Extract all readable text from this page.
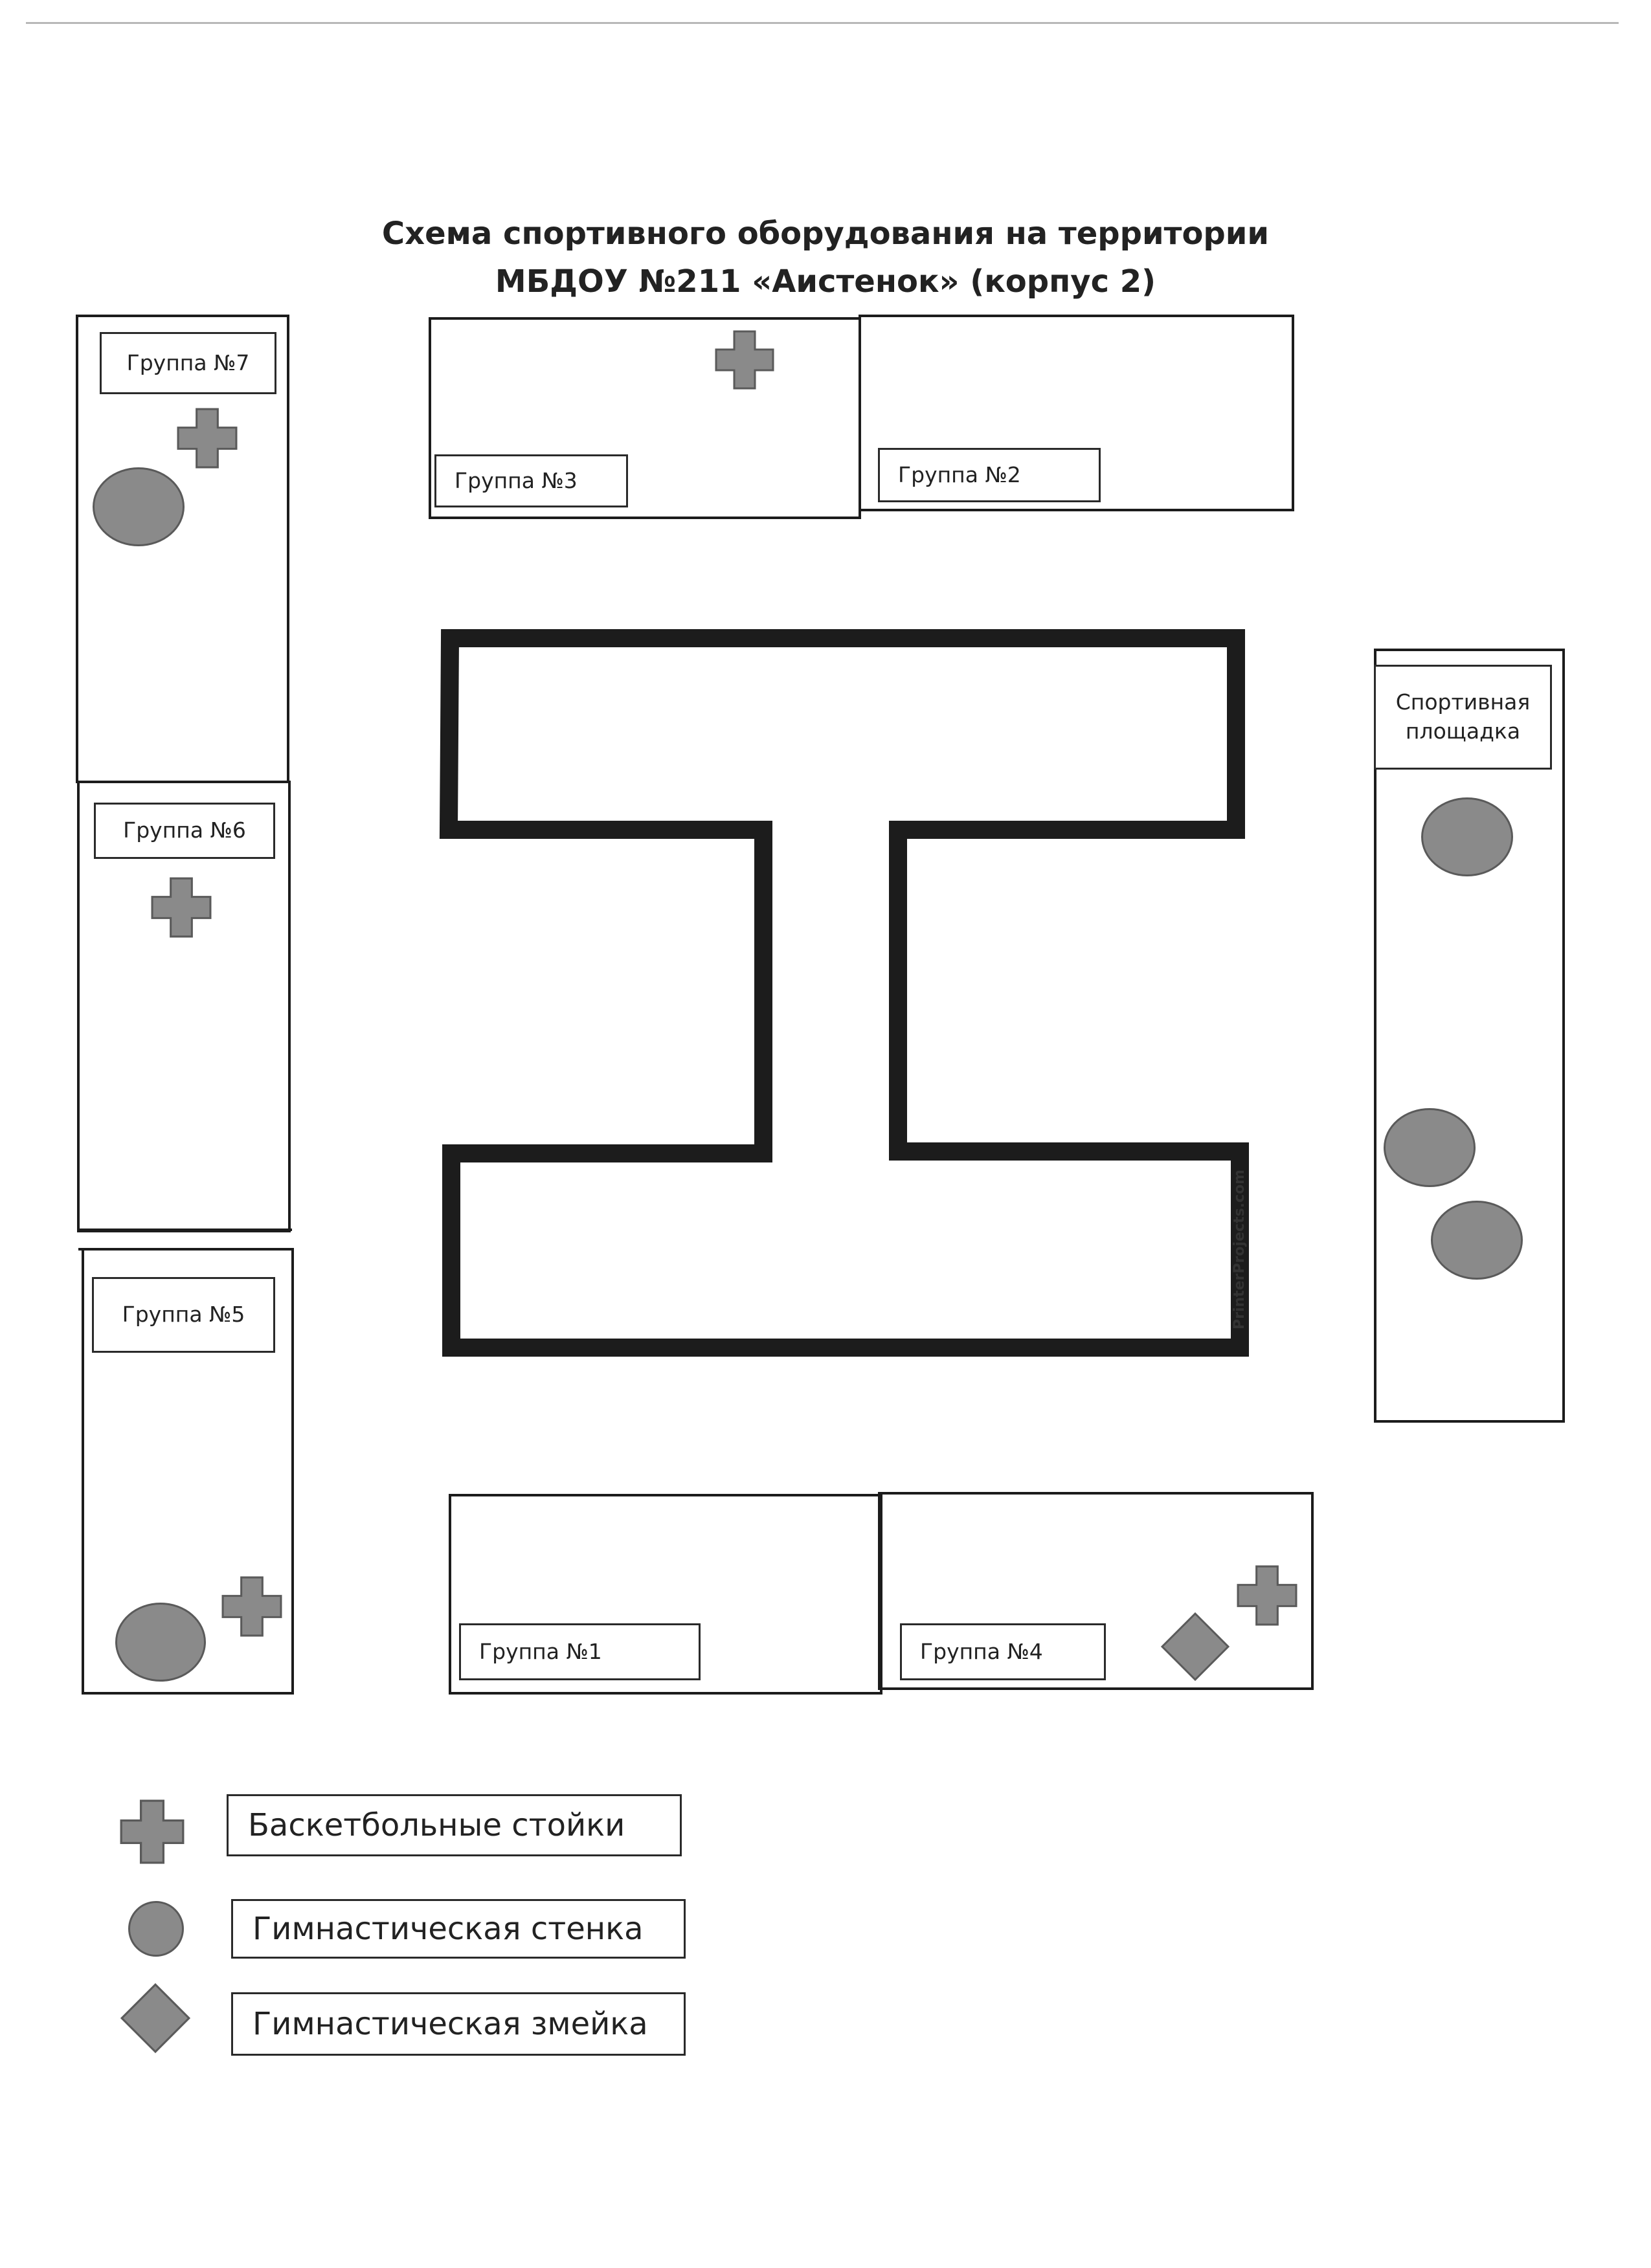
Схема спортивного оборудования на территории
МБДОУ №211 «Аистенок» (корпус 2)
Группа №7
Группа №6
Группа №5
Группа №3	Группа №2
Группа №1	Группа №4
Спортивная
площадка
PrinterProjects.com
Баскетбольные стойки
Гимнастическая стенка
Гимнастическая змейка
